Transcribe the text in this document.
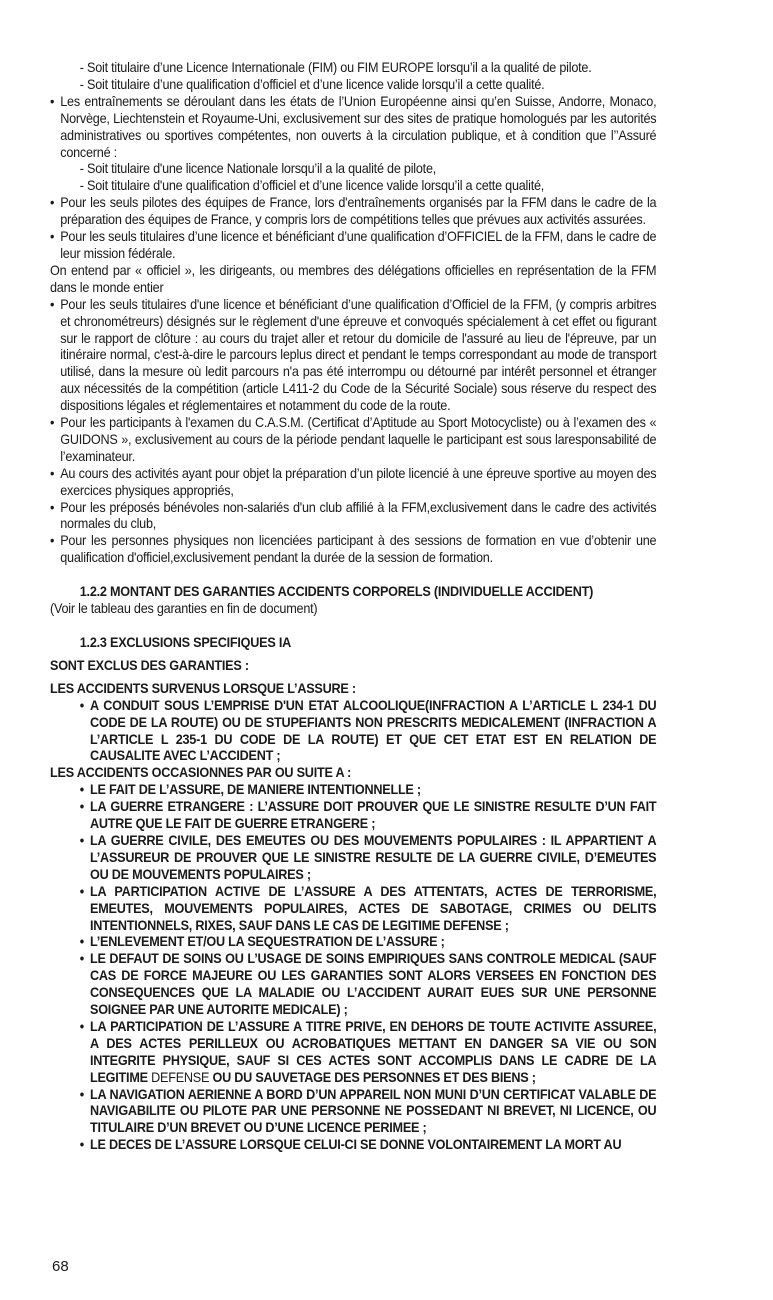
- Soit titulaire d’une Licence Internationale (FIM) ou FIM EUROPE lorsqu’il a la qualité de pilote.
- Soit titulaire d’une qualification d’officiel et d’une licence valide lorsqu’il a cette qualité.
• Les entraînements se déroulant dans les états de l’Union Européenne ainsi qu’en Suisse, Andorre, Monaco, Norvège, Liechtenstein et Royaume-Uni, exclusivement sur des sites de pratique homologués par les autorités administratives ou sportives compétentes, non ouverts à la circulation publique, et à condition que l’’Assuré concerné :
- Soit titulaire d'une licence Nationale lorsqu’il a la qualité de pilote,
- Soit titulaire d'une qualification d’officiel et d’une licence valide lorsqu’il a cette qualité,
• Pour les seuls pilotes des équipes de France, lors d'entraînements organisés par la FFM dans le cadre de la préparation des équipes de France, y compris lors de compétitions telles que prévues aux activités assurées.
• Pour les seuls titulaires d’une licence et bénéficiant d’une qualification d’OFFICIEL de la FFM, dans le cadre de leur mission fédérale.
On entend par « officiel », les dirigeants, ou membres des délégations officielles en représentation de la FFM dans le monde entier
• Pour les seuls titulaires d'une licence et bénéficiant d’une qualification d’Officiel de la FFM, (y compris arbitres et chronométreurs) désignés sur le règlement d'une épreuve et convoqués spécialement à cet effet ou figurant sur le rapport de clôture : au cours du trajet aller et retour du domicile de l'assuré au lieu de l'épreuve, par un itinéraire normal, c'est-à-dire le parcours leplus direct et pendant le temps correspondant au mode de transport utilisé, dans la mesure où ledit parcours n'a pas été interrompu ou détourné par intérêt personnel et étranger aux nécessités de la compétition (article L411-2 du Code de la Sécurité Sociale) sous réserve du respect des dispositions légales et réglementaires et notamment du code de la route.
• Pour les participants à l'examen du C.A.S.M. (Certificat d’Aptitude au Sport Motocycliste) ou à l’examen des « GUIDONS », exclusivement au cours de la période pendant laquelle le participant est sous laresponsabilité de l’examinateur.
• Au cours des activités ayant pour objet la préparation d’un pilote licencié à une épreuve sportive au moyen des exercices physiques appropriés,
• Pour les préposés bénévoles non-salariés d'un club affilié à la FFM,exclusivement dans le cadre des activités normales du club,
• Pour les personnes physiques non licenciées participant à des sessions de formation en vue d’obtenir une qualification d'officiel,exclusivement pendant la durée de la session de formation.
1.2.2 MONTANT DES GARANTIES ACCIDENTS CORPORELS (INDIVIDUELLE ACCIDENT)
(Voir le tableau des garanties en fin de document)
1.2.3 EXCLUSIONS SPECIFIQUES IA
SONT EXCLUS DES GARANTIES :
LES ACCIDENTS SURVENUS LORSQUE L’ASSURE :
• A CONDUIT SOUS L’EMPRISE D'UN ETAT ALCOOLIQUE(INFRACTION A L’ARTICLE L 234-1 DU CODE DE LA ROUTE) OU DE STUPEFIANTS NON PRESCRITS MEDICALEMENT (INFRACTION A L’ARTICLE L 235-1 DU CODE DE LA ROUTE) ET QUE CET ETAT EST EN RELATION DE CAUSALITE AVEC L’ACCIDENT ;
LES ACCIDENTS OCCASIONNES PAR OU SUITE A :
• LE FAIT DE L’ASSURE, DE MANIERE INTENTIONNELLE ;
• LA GUERRE ETRANGERE : L’ASSURE DOIT PROUVER QUE LE SINISTRE RESULTE D’UN FAIT AUTRE QUE LE FAIT DE GUERRE ETRANGERE ;
• LA GUERRE CIVILE, DES EMEUTES OU DES MOUVEMENTS POPULAIRES : IL APPARTIENT A L’ASSUREUR DE PROUVER QUE LE SINISTRE RESULTE DE LA GUERRE CIVILE, D’EMEUTES OU DE MOUVEMENTS POPULAIRES ;
• LA PARTICIPATION ACTIVE DE L’ASSURE A DES ATTENTATS, ACTES DE TERRORISME, EMEUTES, MOUVEMENTS POPULAIRES, ACTES DE SABOTAGE, CRIMES OU DELITS INTENTIONNELS, RIXES, SAUF DANS LE CAS DE LEGITIME DEFENSE ;
• L’ENLEVEMENT ET/OU LA SEQUESTRATION DE L’ASSURE ;
• LE DEFAUT DE SOINS OU L’USAGE DE SOINS EMPIRIQUES SANS CONTROLE MEDICAL (SAUF CAS DE FORCE MAJEURE OU LES GARANTIES SONT ALORS VERSEES EN FONCTION DES CONSEQUENCES QUE LA MALADIE OU L’ACCIDENT AURAIT EUES SUR UNE PERSONNE SOIGNEE PAR UNE AUTORITE MEDICALE) ;
• LA PARTICIPATION DE L’ASSURE A TITRE PRIVE, EN DEHORS DE TOUTE ACTIVITE ASSUREE, A DES ACTES PERILLEUX OU ACROBATIQUES METTANT EN DANGER SA VIE OU SON INTEGRITE PHYSIQUE, SAUF SI CES ACTES SONT ACCOMPLIS DANS LE CADRE DE LA LEGITIME DEFENSE OU DU SAUVETAGE DES PERSONNES ET DES BIENS ;
• LA NAVIGATION AERIENNE A BORD D’UN APPAREIL NON MUNI D’UN CERTIFICAT VALABLE DE NAVIGABILITE OU PILOTE PAR UNE PERSONNE NE POSSEDANT NI BREVET, NI LICENCE, OU TITULAIRE D’UN BREVET OU D’UNE LICENCE PERIMEE ;
• LE DECES DE L’ASSURE LORSQUE CELUI-CI SE DONNE VOLONTAIREMENT LA MORT AU
68
